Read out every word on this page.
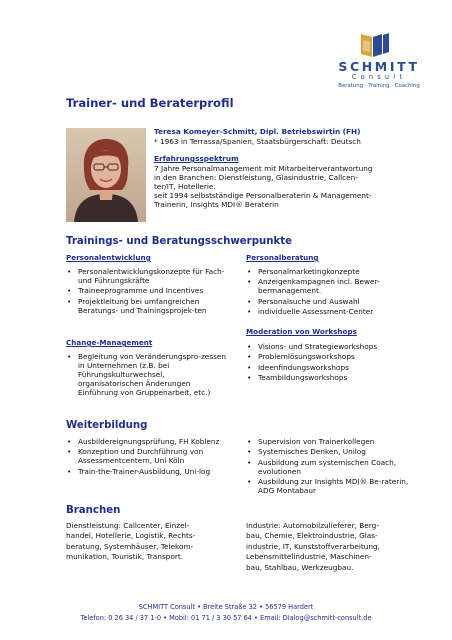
SCHMITT
Consult
Beratung · Training · Coaching
Trainer- und Beraterprofil
Teresa Komeyer-Schmitt, Dipl. Betriebswirtin (FH)
* 1963 in Terrassa/Spanien, Staatsbürgerschaft: Deutsch
Erfahrungsspektrum
7 Jahre Personalmanagement mit Mitarbeiterverantwortung
in den Branchen: Dienstleistung, Glasindustrie, Callcen-
ter/IT, Hotellerie.
seit 1994 selbstständige Personalberaterin & Management-
Trainerin, Insights MDI® Beraterin
Trainings- und Beratungsschwerpunkte
Personalentwicklung
• Personalentwicklungskonzepte für Fach- und Führungskräfte
• Traineeprogramme und Incentives
• Projektleitung bei umfangreichen Beratungs- und Trainingsprojek-ten
Change-Management
• Begleitung von Veränderungspro-zessen in Unternehmen (z.B. bei Führungskulturwechsel, organisatorischen Änderungen Einführung von Gruppenarbeit, etc.)
Personalberatung
• Personalmarketingkonzepte
• Anzeigenkampagnen incl. Bewer-bermanagement.
• Personalsuche und Auswahl
• individuelle Assessment-Center
Moderation von Workshops
• Visions- und Strategieworkshops
• Problemlösungsworkshops
• Ideenfindungsworkshops
• Teambildungsworkshops
Weiterbildung
• Ausbildereignungsprüfung, FH Koblenz
• Konzeption und Durchführung von Assessmentcentern, Uni Köln
• Train-the-Trainer-Ausbildung, Uni-log
• Supervision von Trainerkollegen
• Systemisches Denken, Unilog
• Ausbildung zum systemischen Coach, evolutionen
• Ausbildung zur Insights MDI® Be-raterin, ADG Montabaur
Branchen
Dienstleistung: Callcenter, Einzel-
handel, Hotellerie, Logistik, Rechts-
beratung, Systemhäuser, Telekom-
munikation, Touristik, Transport.
Industrie: Automobilzulieferer, Berg-
bau, Chemie, Elektroindustrie, Glas-
industrie, IT, Kunststoffverarbeitung,
Lebensmittelindustrie, Maschinen-
bau, Stahlbau, Werkzeugbau.
SCHMITT Consult • Breite Straße 32 • 56579 Hardert
Telefon: 0 26 34 / 37 1-0 • Mobil: 01 71 / 3 30 57 64 • Email: Dialog@schmitt-consult.de
